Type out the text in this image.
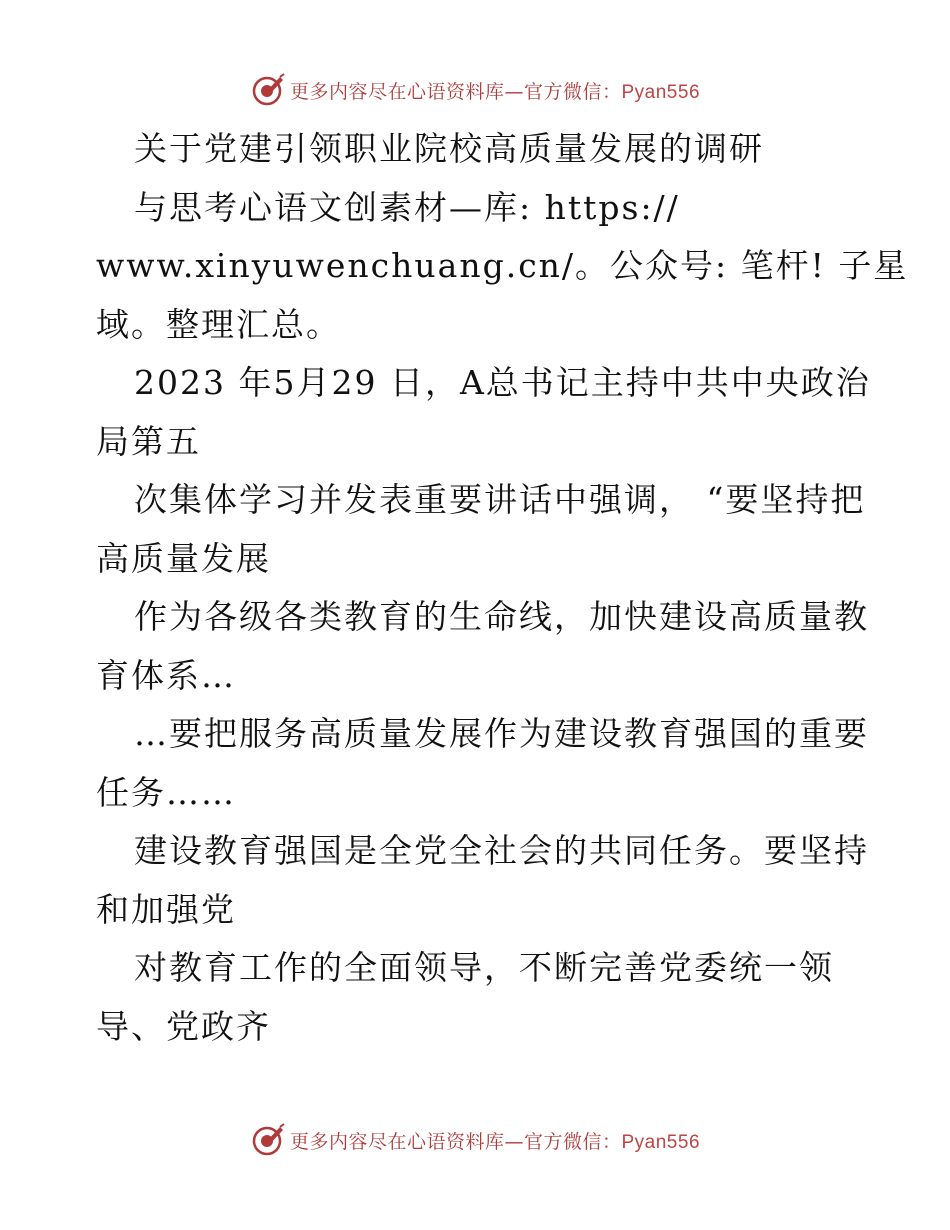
更多内容尽在心语资料库—官方微信：Pyan556
关于党建引领职业院校高质量发展的调研
与思考心语文创素材—库: https://
www.xinyuwenchuang.cn/。公众号: 笔杆! 子星
域。整理汇总。
2023 年5月29 日，A总书记主持中共中央政治
局第五
次集体学习并发表重要讲话中强调， “要坚持把
高质量发展
作为各级各类教育的生命线，加快建设高质量教
育体系…
…要把服务高质量发展作为建设教育强国的重要
任务……
建设教育强国是全党全社会的共同任务。要坚持
和加强党
对教育工作的全面领导，不断完善党委统一领
导、党政齐
更多内容尽在心语资料库—官方微信：Pyan556
